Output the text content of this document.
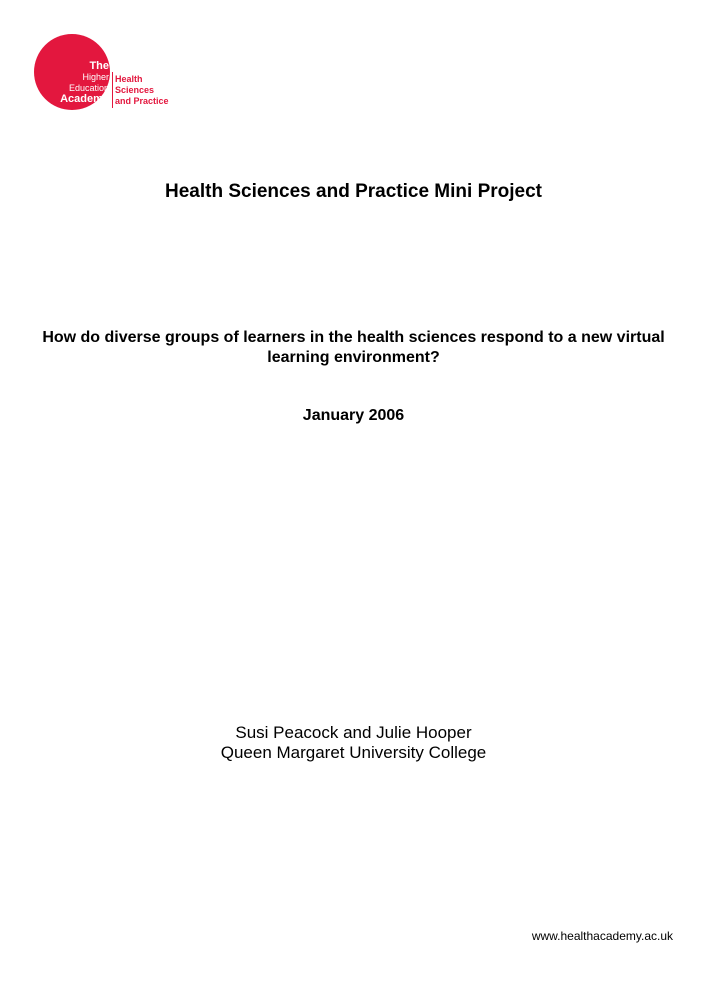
The
Higher
Education
Academy
Health
Sciences
and Practice
Health Sciences and Practice Mini Project
How do diverse groups of learners in the health sciences respond to a new virtual learning environment?
January 2006
Susi Peacock and Julie Hooper
Queen Margaret University College
www.healthacademy.ac.uk
